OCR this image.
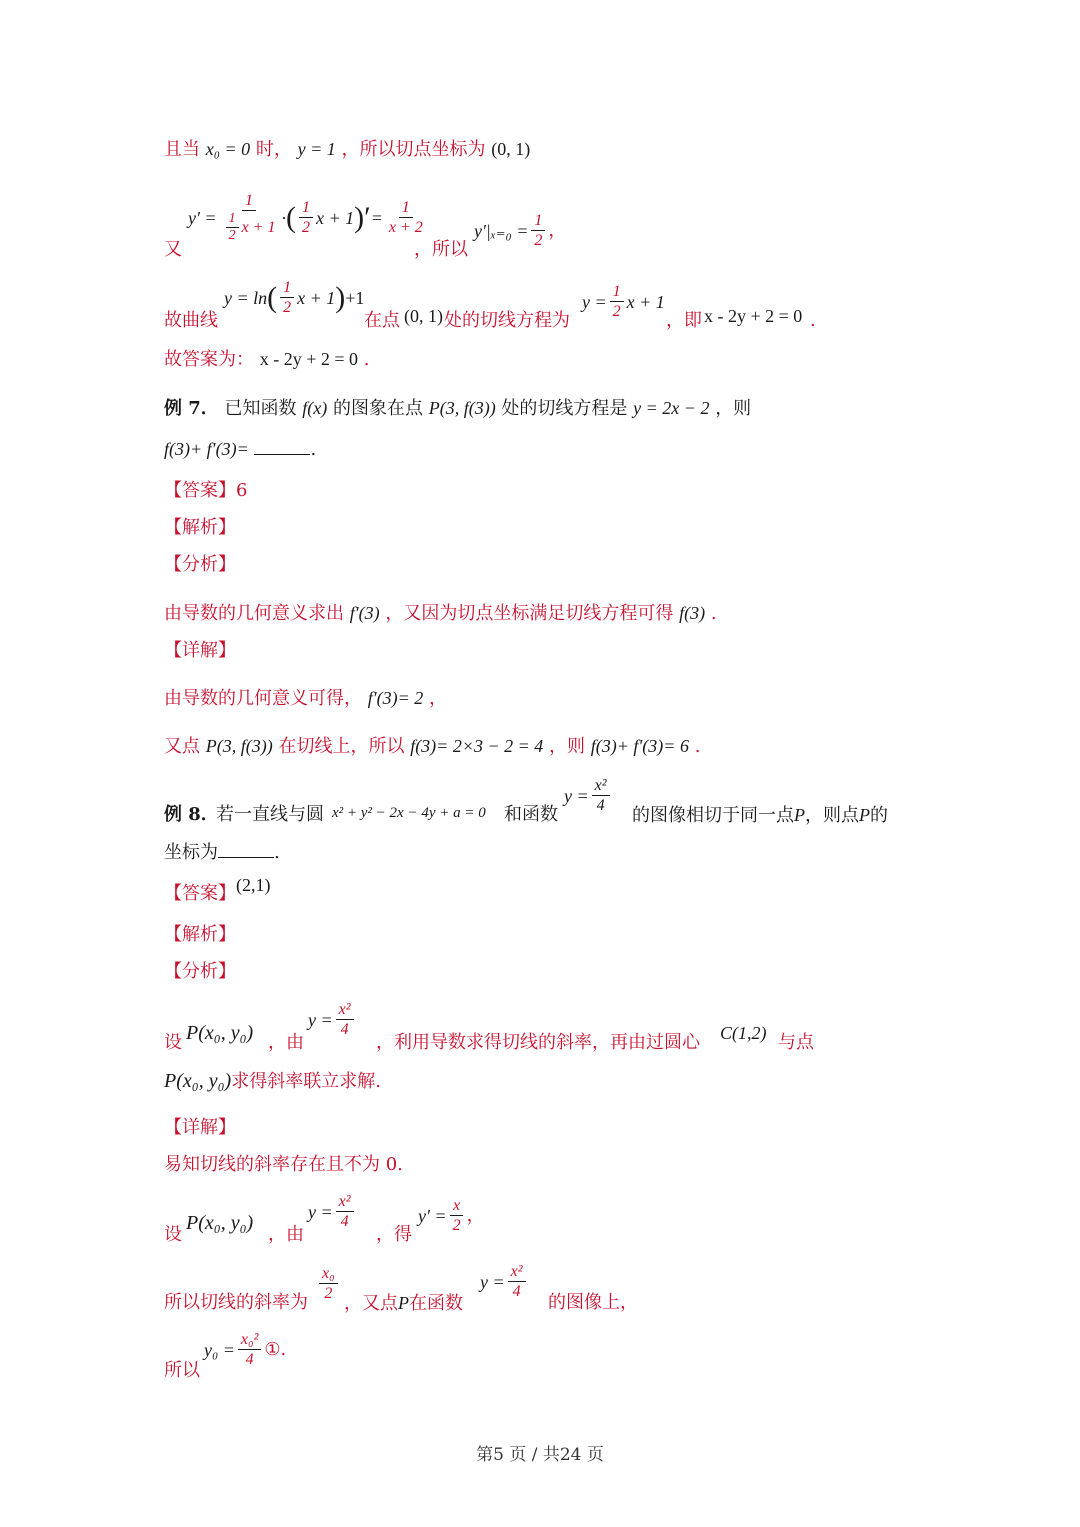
且当 x₀ = 0 时， y = 1 ，所以切点坐标为 (0, 1)
又
$y' = \frac{1}{\frac{1}{2} x + 1}$ · ( $\frac{1}{2}$ x + 1 )′ = $\frac{1}{x + 2}$
，所以
$y'|_{x=0} = \frac{1}{2}$ ，
故曲线
y = ln ( $\frac{1}{2}$ x + 1 ) +1
在点 (0, 1) 处的切线方程为
$y = \frac{1}{2}$ x + 1
，即 x - 2y + 2 = 0 .
故答案为： x - 2y + 2 = 0 .
例 7． 已知函数 f(x) 的图象在点 P(3, f(3)) 处的切线方程是 y = 2x − 2 ，则
f(3)+ f′(3)=	.
【答案】6
【解析】
【分析】
由导数的几何意义求出 f′(3) ，又因为切点坐标满足切线方程可得 f(3) .
【详解】
由导数的几何意义可得， f′(3)= 2 ，
又点 P(3, f(3)) 在切线上，所以 f(3)= 2×3 − 2 = 4 ，则 f(3)+ f′(3)= 6 .
例 8．
若一直线与圆 x² + y² − 2x − 4y + a = 0 和函数
$y = \frac{\text{x²}}{4}$
的图像相切于同一点P，则点P的
坐标为	.
【答案】(2,1)
【解析】
【分析】
设 P(x₀, y₀) ，由
$y = \frac{\text{x²}}{4}$
，利用导数求得切线的斜率，再由过圆心 C(1,2) 与点
P(x₀, y₀)求得斜率联立求解.
【详解】
易知切线的斜率存在且不为 0.
设
P(x₀, y₀)
，由
$y = \frac{\text{x²}}{4}$
，得
$y' = \frac{x}{2}$ ，
所以切线的斜率为 $\frac{\text{x₀}}{2}$
，又点P在函数
$y = \frac{\text{x²}}{4}$
的图像上，
所以
$y_0 = \frac{\text{x₀²}}{4}$ ①.
第5 页 / 共24 页
